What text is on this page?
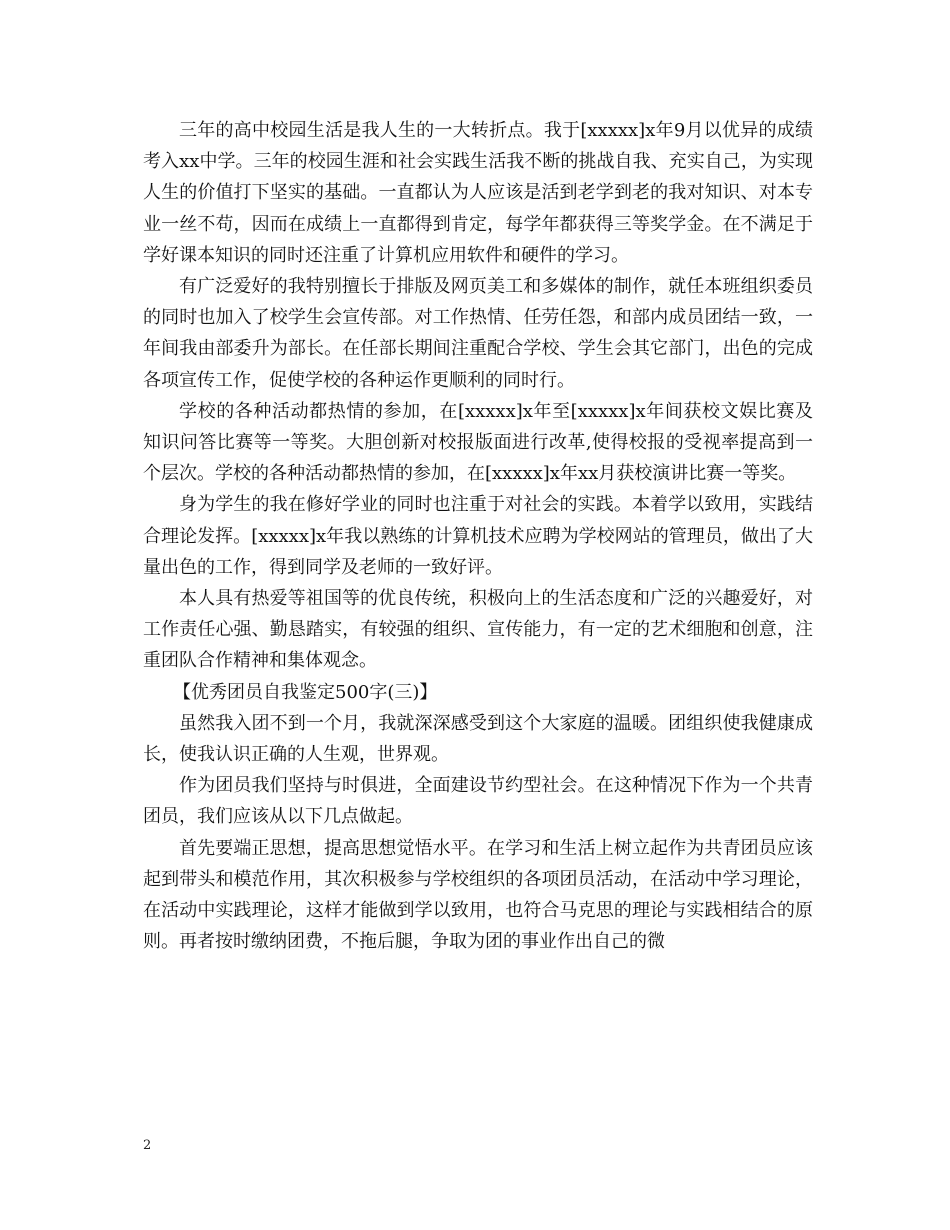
三年的高中校园生活是我人生的一大转折点。我于[xxxxx]x年9月以优异的成绩考入xx中学。三年的校园生涯和社会实践生活我不断的挑战自我、充实自己，为实现人生的价值打下坚实的基础。一直都认为人应该是活到老学到老的我对知识、对本专业一丝不苟，因而在成绩上一直都得到肯定，每学年都获得三等奖学金。在不满足于学好课本知识的同时还注重了计算机应用软件和硬件的学习。

有广泛爱好的我特别擅长于排版及网页美工和多媒体的制作，就任本班组织委员的同时也加入了校学生会宣传部。对工作热情、任劳任怨，和部内成员团结一致，一年间我由部委升为部长。在任部长期间注重配合学校、学生会其它部门，出色的完成各项宣传工作，促使学校的各种运作更顺利的同时行。

学校的各种活动都热情的参加，在[xxxxx]x年至[xxxxx]x年间获校文娱比赛及知识问答比赛等一等奖。大胆创新对校报版面进行改革,使得校报的受视率提高到一个层次。学校的各种活动都热情的参加，在[xxxxx]x年xx月获校演讲比赛一等奖。

身为学生的我在修好学业的同时也注重于对社会的实践。本着学以致用，实践结合理论发挥。[xxxxx]x年我以熟练的计算机技术应聘为学校网站的管理员，做出了大量出色的工作，得到同学及老师的一致好评。

本人具有热爱等祖国等的优良传统，积极向上的生活态度和广泛的兴趣爱好，对工作责任心强、勤恳踏实，有较强的组织、宣传能力，有一定的艺术细胞和创意，注重团队合作精神和集体观念。

【优秀团员自我鉴定500字(三)】

虽然我入团不到一个月，我就深深感受到这个大家庭的温暖。团组织使我健康成长，使我认识正确的人生观，世界观。

作为团员我们坚持与时俱进，全面建设节约型社会。在这种情况下作为一个共青团员，我们应该从以下几点做起。

首先要端正思想，提高思想觉悟水平。在学习和生活上树立起作为共青团员应该起到带头和模范作用，其次积极参与学校组织的各项团员活动，在活动中学习理论，在活动中实践理论，这样才能做到学以致用，也符合马克思的理论与实践相结合的原则。再者按时缴纳团费，不拖后腿，争取为团的事业作出自己的微

2
